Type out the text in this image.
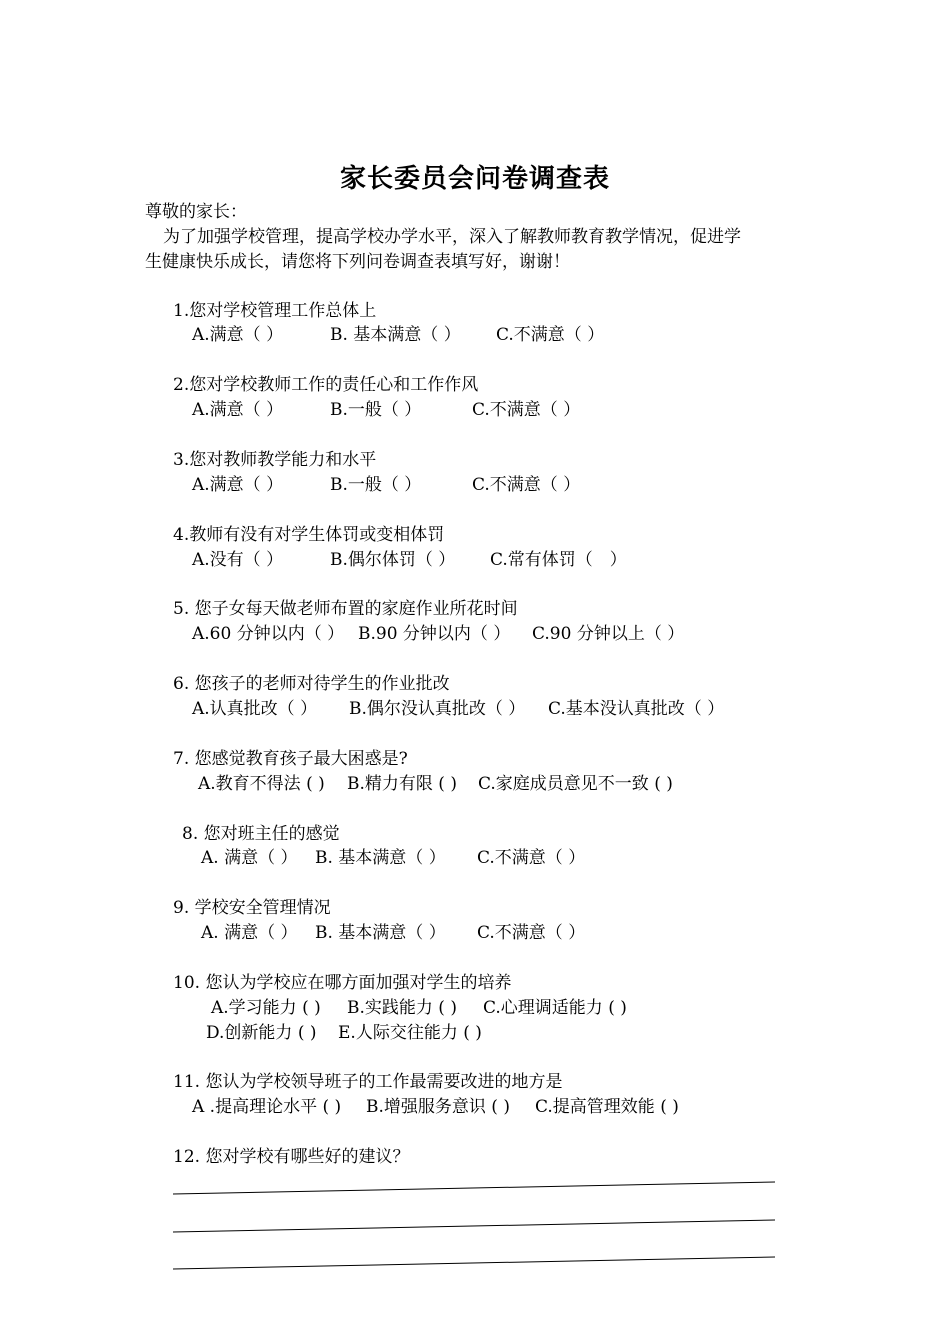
家长委员会问卷调查表
尊敬的家长：
为了加强学校管理，提高学校办学水平，深入了解教师教育教学情况，促进学
生健康快乐成长，请您将下列问卷调查表填写好，谢谢！
1.您对学校管理工作总体上
A.满意（ ）	B. 基本满意（ ） C.不满意（ ）
2.您对学校教师工作的责任心和工作作风
A.满意（ ）	B.一般（ ）	C.不满意（ ）
3.您对教师教学能力和水平
A.满意（ ）	B.一般（ ）	C.不满意（ ）
4.教师有没有对学生体罚或变相体罚
A.没有（ ）	B.偶尔体罚（ ） C.常有体罚（　）
5. 您子女每天做老师布置的家庭作业所花时间
A.60 分钟以内（ ） B.90 分钟以内（ ） C.90 分钟以上（ ）
6. 您孩子的老师对待学生的作业批改
A.认真批改（ ） B.偶尔没认真批改（ ） C.基本没认真批改（ ）
7. 您感觉教育孩子最大困惑是?
A.教育不得法 ( ) B.精力有限 ( ) C.家庭成员意见不一致 ( )
8. 您对班主任的感觉
A. 满意（ ） B. 基本满意（ ） C.不满意（ ）
9. 学校安全管理情况
A. 满意（ ） B. 基本满意（ ） C.不满意（ ）
10. 您认为学校应在哪方面加强对学生的培养
A.学习能力 ( ) B.实践能力 ( ) C.心理调适能力 ( )
D.创新能力 ( ) E.人际交往能力 ( )
11. 您认为学校领导班子的工作最需要改进的地方是
A .提高理论水平 ( ) B.增强服务意识 ( ) C.提高管理效能 ( )
12. 您对学校有哪些好的建议？
